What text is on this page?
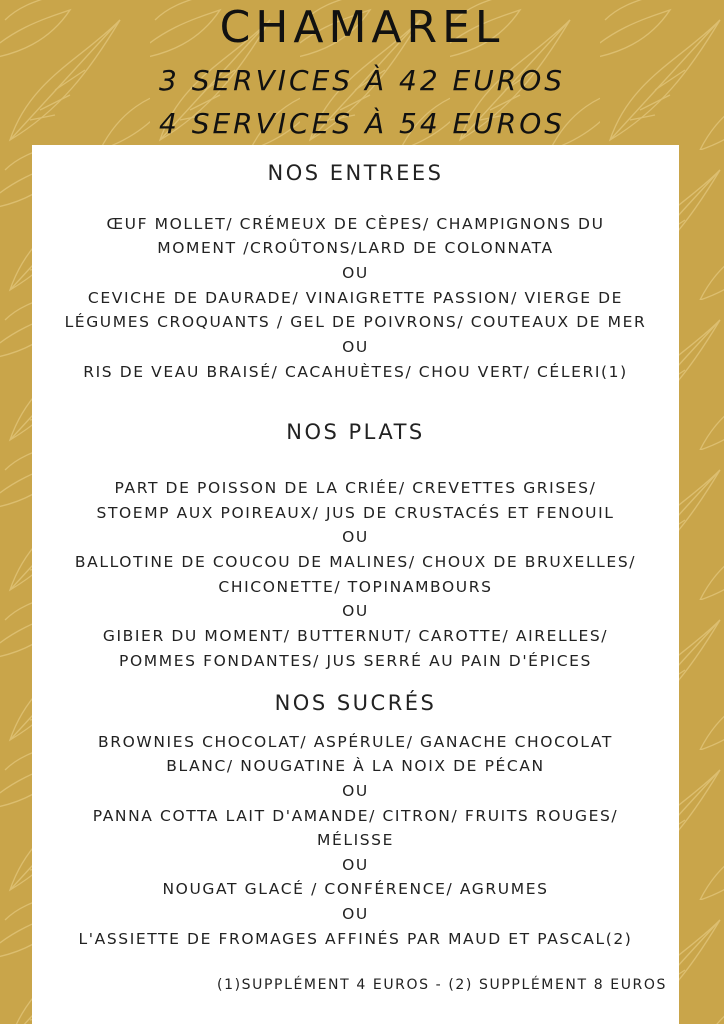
CHAMAREL
3 SERVICES À 42 EUROS
4 SERVICES À 54 EUROS
NOS ENTREES
ŒUF MOLLET/ CRÉMEUX DE CÈPES/ CHAMPIGNONS DU
MOMENT /CROÛTONS/LARD DE COLONNATA
OU
CEVICHE DE DAURADE/ VINAIGRETTE PASSION/ VIERGE DE
LÉGUMES CROQUANTS / GEL DE POIVRONS/ COUTEAUX DE MER
OU
RIS DE VEAU BRAISÉ/ CACAHUÈTES/ CHOU VERT/ CÉLERI(1)
NOS PLATS
PART DE POISSON DE LA CRIÉE/ CREVETTES GRISES/
STOEMP AUX POIREAUX/ JUS DE CRUSTACÉS ET FENOUIL
OU
BALLOTINE DE COUCOU DE MALINES/ CHOUX DE BRUXELLES/
CHICONETTE/ TOPINAMBOURS
OU
GIBIER DU MOMENT/ BUTTERNUT/ CAROTTE/ AIRELLES/
POMMES FONDANTES/ JUS SERRÉ AU PAIN D'ÉPICES
NOS SUCRÉS
BROWNIES CHOCOLAT/ ASPÉRULE/ GANACHE CHOCOLAT
BLANC/ NOUGATINE À LA NOIX DE PÉCAN
OU
PANNA COTTA LAIT D'AMANDE/ CITRON/ FRUITS ROUGES/
MÉLISSE
OU
NOUGAT GLACÉ / CONFÉRENCE/ AGRUMES
OU
L'ASSIETTE DE FROMAGES AFFINÉS PAR MAUD ET PASCAL(2)
(1)SUPPLÉMENT 4 EUROS - (2) SUPPLÉMENT 8 EUROS
